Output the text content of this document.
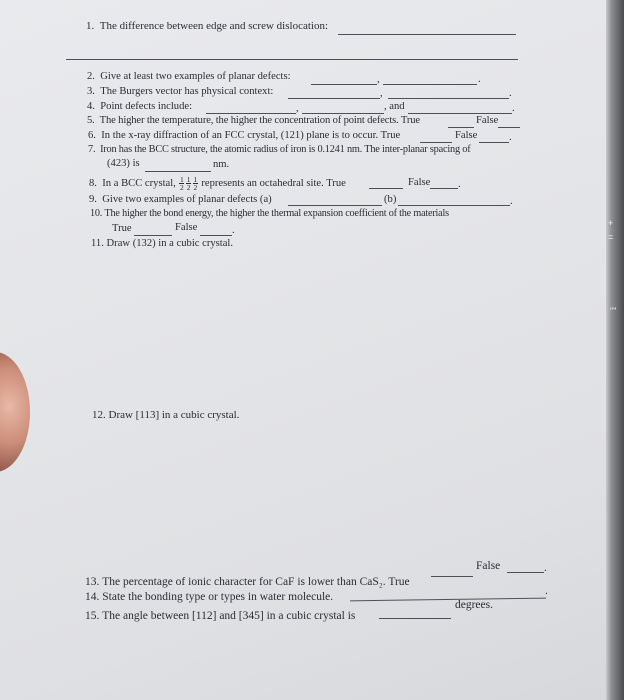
1. The difference between edge and screw dislocation:
2. Give at least two examples of planar defects:	,	.
3. The Burgers vector has physical context:	,	.
4. Point defects include:	,	, and	.
5. The higher the temperature, the higher the concentration of point defects. True	False
6. In the x-ray diffraction of an FCC crystal, (121) plane is to occur. True	False	.
7. Iron has the BCC structure, the atomic radius of iron is 0.1241 nm. The inter-planar spacing of
(423) is	nm.
8. In a BCC crystal, $\frac{1}{2} \frac{1}{2} \frac{1}{2}$ represents an octahedral site. True	False	.
9. Give two examples of planar defects (a)	(b)	.
10. The higher the bond energy, the higher the thermal expansion coefficient of the materials
True	False	.
11. Draw (132) in a cubic crystal.
12. Draw [113] in a cubic crystal.
13. The percentage of ionic character for CaF is lower than CaS₂. True
False	.
14. State the bonding type or types in water molecule.	.
15. The angle between [112] and [345] in a cubic crystal is
degrees.
+
=
""
